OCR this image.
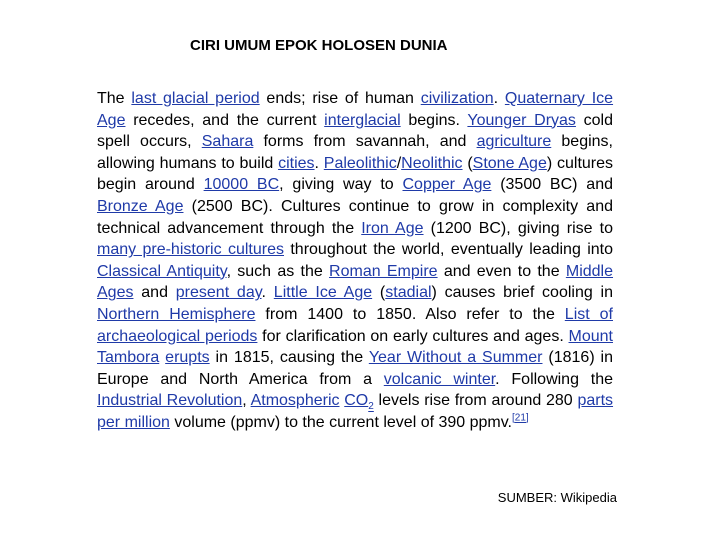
CIRI UMUM EPOK HOLOSEN DUNIA
The last glacial period ends; rise of human civilization. Quaternary Ice Age recedes, and the current interglacial begins. Younger Dryas cold spell occurs, Sahara forms from savannah, and agriculture begins, allowing humans to build cities. Paleolithic/Neolithic (Stone Age) cultures begin around 10000 BC, giving way to Copper Age (3500 BC) and Bronze Age (2500 BC). Cultures continue to grow in complexity and technical advancement through the Iron Age (1200 BC), giving rise to many pre-historic cultures throughout the world, eventually leading into Classical Antiquity, such as the Roman Empire and even to the Middle Ages and present day. Little Ice Age (stadial) causes brief cooling in Northern Hemisphere from 1400 to 1850. Also refer to the List of archaeological periods for clarification on early cultures and ages. Mount Tambora erupts in 1815, causing the Year Without a Summer (1816) in Europe and North America from a volcanic winter. Following the Industrial Revolution, Atmospheric $CO_2$ levels rise from around 280 parts per million volume (ppmv) to the current level of 390 ppmv.[21]
SUMBER: Wikipedia
